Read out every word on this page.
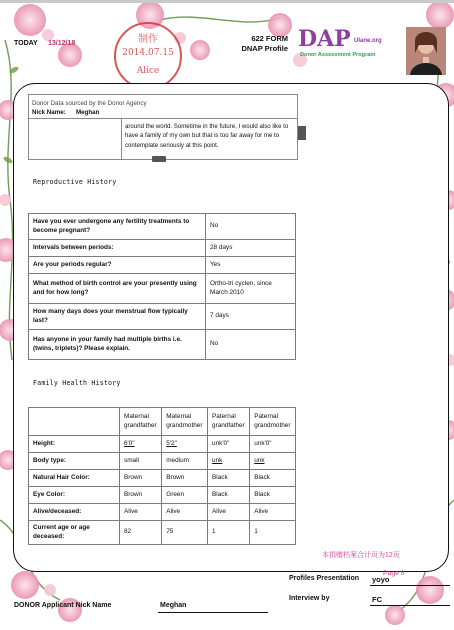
TODAY 13/12/18	制作
2014.07.15
Alice
622 FORM
DNAP Profile DAP Ulane.org
Donor Assessment Program
Donor Data sourced by the Donor Agency
Nick Name: Meghan
around the world. Sometime in the future, I would also like to have a family of my own but that is too far away for me to contemplate seriously at this point.
Reproductive History
Have you ever undergone any fertility treatments to become pregnant?	No
Intervals between periods:	28 days
Are your periods regular?	Yes
What method of birth control are your presently using and for how long?	Ortho-tri cyclen, since March 2010
How many days does your menstrual flow typically last?	7 days
Has anyone in your family had multiple births i.e. (twins, triplets)? Please explain.	No
Family Health History
	Maternal grandfather	Maternal grandmother	Paternal grandfather	Paternal grandmother
Height:	6'0"	5'2"	unk'0"	unk'0"
Body type:	small	medium	unk	unk
Natural Hair Color:	Brown	Brown	Black	Black
Eye Color:	Brown	Green	Black	Black
Alive/deceased:	Alive	Alive	Alive	Alive
Current age or age deceased:	82	75	1	1
本捐赠档案合计页为12页
Page 8
Profiles Presentation yoyo
Interview by	FC
DONOR Applicant Nick Name	Meghan
